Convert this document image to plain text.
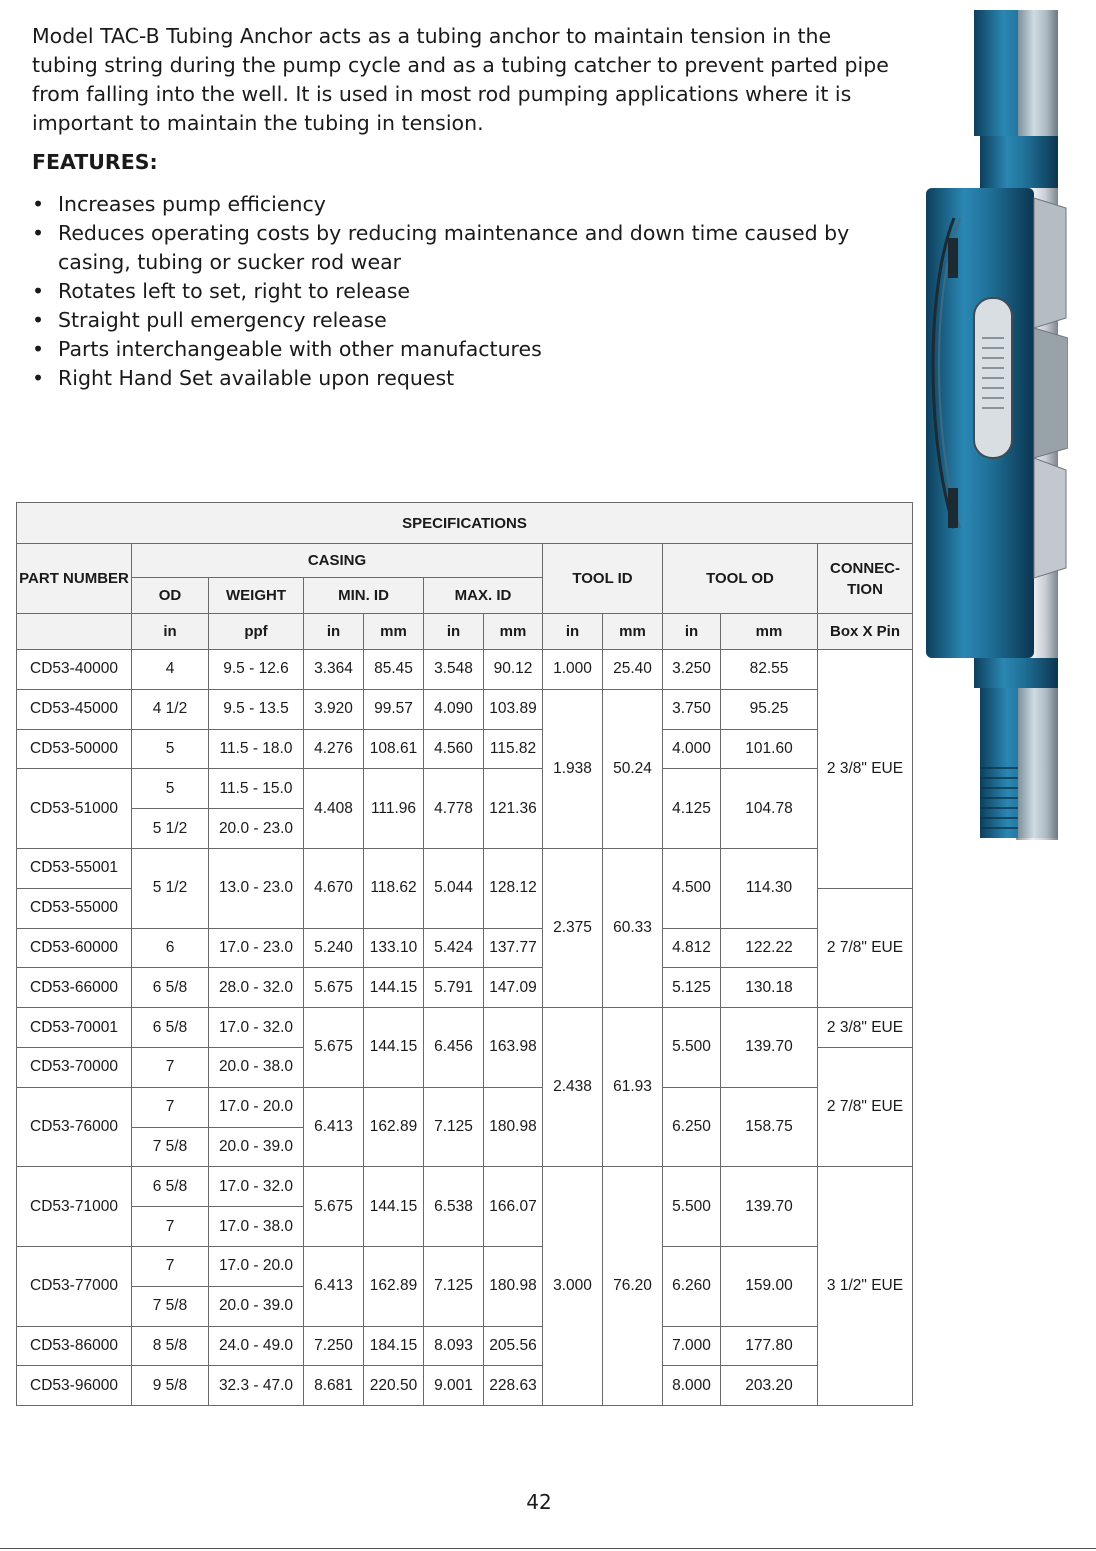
Model TAC-B Tubing Anchor acts as a tubing anchor to maintain tension in the tubing string during the pump cycle and as a tubing catcher to prevent parted pipe from falling into the well. It is used in most rod pumping applications where it is important to maintain the tubing in tension.

FEATURES:
• Increases pump efficiency
• Reduces operating costs by reducing maintenance and down time caused by casing, tubing or sucker rod wear
• Rotates left to set, right to release
• Straight pull emergency release
• Parts interchangeable with other manufactures
• Right Hand Set available upon request
SPECIFICATIONS											
PART NUMBER	CASING						TOOL ID		TOOL OD		CONNEC-TION
	OD	WEIGHT	MIN. ID		MAX. ID						
	in	ppf	in	mm	in	mm	in	mm	in	mm	Box X Pin
CD53-40000	4	9.5 - 12.6	3.364	85.45	3.548	90.12	1.000	25.40	3.250	82.55	2 3/8" EUE
CD53-45000	4 1/2	9.5 - 13.5	3.920	99.57	4.090	103.89	1.938	50.24	3.750	95.25	
CD53-50000	5	11.5 - 18.0	4.276	108.61	4.560	115.82			4.000	101.60	
CD53-51000	5	11.5 - 15.0	4.408	111.96	4.778	121.36			4.125	104.78	
	5 1/2	20.0 - 23.0									
CD53-55001	5 1/2	13.0 - 23.0	4.670	118.62	5.044	128.12	2.375	60.33	4.500	114.30	
CD53-55000											2 7/8" EUE
CD53-60000	6	17.0 - 23.0	5.240	133.10	5.424	137.77			4.812	122.22	
CD53-66000	6 5/8	28.0 - 32.0	5.675	144.15	5.791	147.09			5.125	130.18	
CD53-70001	6 5/8	17.0 - 32.0	5.675	144.15	6.456	163.98	2.438	61.93	5.500	139.70	2 3/8" EUE
CD53-70000	7	20.0 - 38.0									2 7/8" EUE
CD53-76000	7	17.0 - 20.0	6.413	162.89	7.125	180.98			6.250	158.75	
	7 5/8	20.0 - 39.0									
CD53-71000	6 5/8	17.0 - 32.0	5.675	144.15	6.538	166.07	3.000	76.20	5.500	139.70	3 1/2" EUE
	7	17.0 - 38.0									
CD53-77000	7	17.0 - 20.0	6.413	162.89	7.125	180.98			6.260	159.00	
	7 5/8	20.0 - 39.0									
CD53-86000	8 5/8	24.0 - 49.0	7.250	184.15	8.093	205.56			7.000	177.80	
CD53-96000	9 5/8	32.3 - 47.0	8.681	220.50	9.001	228.63			8.000	203.20	
42
